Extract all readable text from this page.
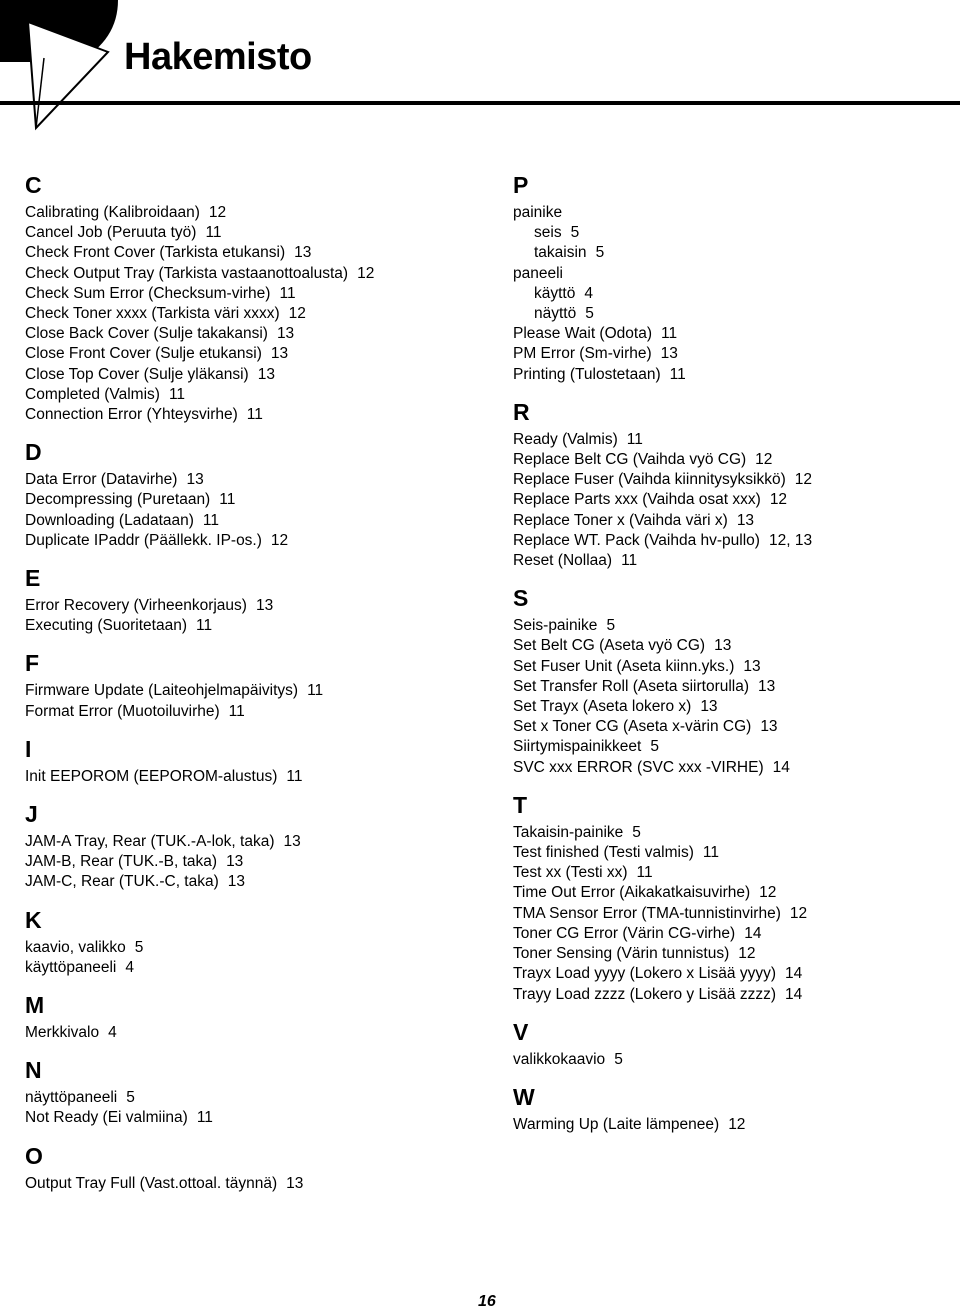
Hakemisto
C
Calibrating (Kalibroidaan) 12
Cancel Job (Peruuta työ) 11
Check Front Cover (Tarkista etukansi) 13
Check Output Tray (Tarkista vastaanottoalusta) 12
Check Sum Error (Checksum-virhe) 11
Check Toner xxxx (Tarkista väri xxxx) 12
Close Back Cover (Sulje takakansi) 13
Close Front Cover (Sulje etukansi) 13
Close Top Cover (Sulje yläkansi) 13
Completed (Valmis) 11
Connection Error (Yhteysvirhe) 11
D
Data Error (Datavirhe) 13
Decompressing (Puretaan) 11
Downloading (Ladataan) 11
Duplicate IPaddr (Päällekk. IP-os.) 12
E
Error Recovery (Virheenkorjaus) 13
Executing (Suoritetaan) 11
F
Firmware Update (Laiteohjelmapäivitys) 11
Format Error (Muotoiluvirhe) 11
I
Init EEPOROM (EEPOROM-alustus) 11
J
JAM-A Tray, Rear (TUK.-A-lok, taka) 13
JAM-B, Rear (TUK.-B, taka) 13
JAM-C, Rear (TUK.-C, taka) 13
K
kaavio, valikko 5
käyttöpaneeli 4
M
Merkkivalo 4
N
näyttöpaneeli 5
Not Ready (Ei valmiina) 11
O
Output Tray Full (Vast.ottoal. täynnä) 13
P
painike
seis 5
takaisin 5
paneeli
käyttö 4
näyttö 5
Please Wait (Odota) 11
PM Error (Sm-virhe) 13
Printing (Tulostetaan) 11
R
Ready (Valmis) 11
Replace Belt CG (Vaihda vyö CG) 12
Replace Fuser (Vaihda kiinnitysyksikkö) 12
Replace Parts xxx (Vaihda osat xxx) 12
Replace Toner x (Vaihda väri x) 13
Replace WT. Pack (Vaihda hv-pullo) 12, 13
Reset (Nollaa) 11
S
Seis-painike 5
Set Belt CG (Aseta vyö CG) 13
Set Fuser Unit (Aseta kiinn.yks.) 13
Set Transfer Roll (Aseta siirtorulla) 13
Set Trayx (Aseta lokero x) 13
Set x Toner CG (Aseta x-värin CG) 13
Siirtymispainikkeet 5
SVC xxx ERROR (SVC xxx -VIRHE) 14
T
Takaisin-painike 5
Test finished (Testi valmis) 11
Test xx (Testi xx) 11
Time Out Error (Aikakatkaisuvirhe) 12
TMA Sensor Error (TMA-tunnistinvirhe) 12
Toner CG Error (Värin CG-virhe) 14
Toner Sensing (Värin tunnistus) 12
Trayx Load yyyy (Lokero x Lisää yyyy) 14
Trayy Load zzzz (Lokero y Lisää zzzz) 14
V
valikkokaavio 5
W
Warming Up (Laite lämpenee) 12
16
